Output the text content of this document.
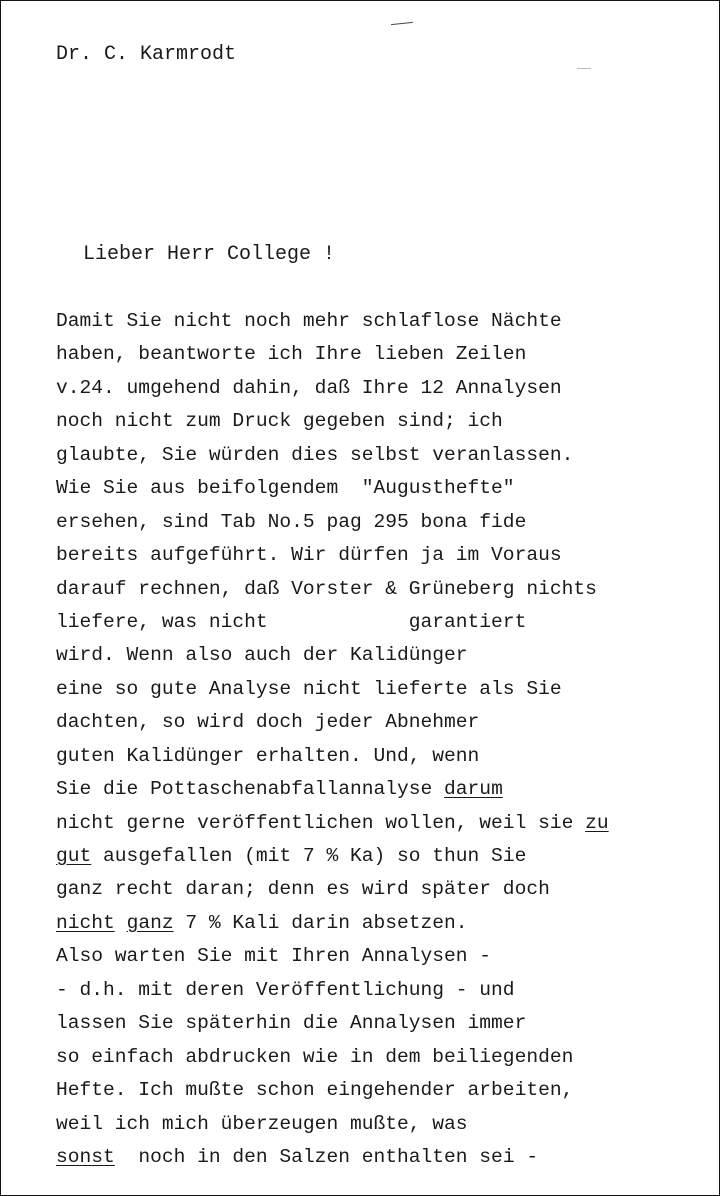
Dr. C. Karmrodt
Lieber Herr College !
Damit Sie nicht noch mehr schlaflose Nächte
haben, beantworte ich Ihre lieben Zeilen
v.24. umgehend dahin, daß Ihre 12 Annalysen
noch nicht zum Druck gegeben sind; ich
glaubte, Sie würden dies selbst veranlassen.
Wie Sie aus beifolgendem  "Augusthefte"
ersehen, sind Tab No.5 pag 295 bona fide
bereits aufgeführt. Wir dürfen ja im Voraus
darauf rechnen, daß Vorster & Grüneberg nichts
liefere, was nicht            garantiert
wird. Wenn also auch der Kalidünger
eine so gute Analyse nicht lieferte als Sie
dachten, so wird doch jeder Abnehmer
guten Kalidünger erhalten. Und, wenn
Sie die Pottaschenabfallannalyse darum
nicht gerne veröffentlichen wollen, weil sie zu
gut ausgefallen (mit 7 % Ka) so thun Sie
ganz recht daran; denn es wird später doch
nicht ganz 7 % Kali darin absetzen.
Also warten Sie mit Ihren Annalysen -
- d.h. mit deren Veröffentlichung - und
lassen Sie späterhin die Annalysen immer
so einfach abdrucken wie in dem beiliegenden
Hefte. Ich mußte schon eingehender arbeiten,
weil ich mich überzeugen mußte, was
sonst  noch in den Salzen enthalten sei -
